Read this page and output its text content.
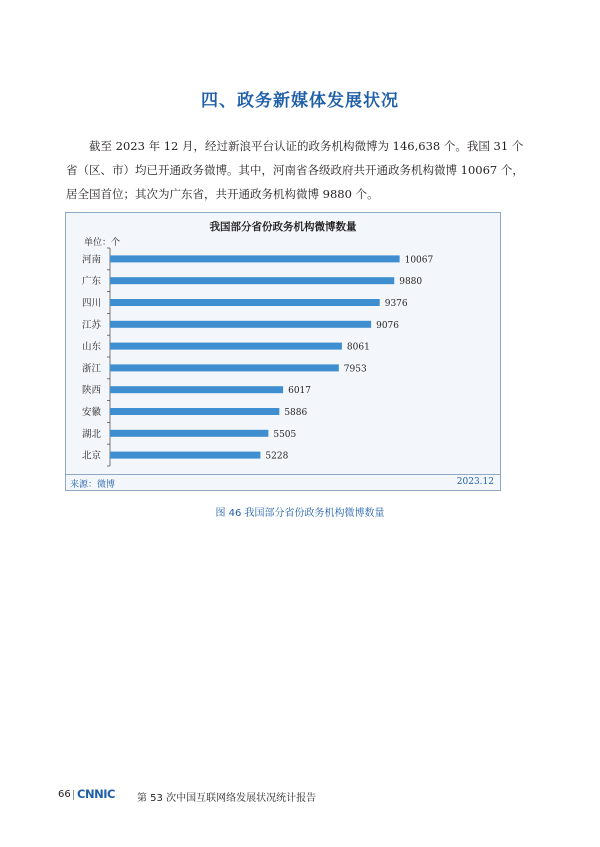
四、政务新媒体发展状况
截至 2023 年 12 月，经过新浪平台认证的政务机构微博为 146,638 个。我国 31 个
省（区、市）均已开通政务微博。其中，河南省各级政府共开通政务机构微博 10067 个，
居全国首位；其次为广东省，共开通政务机构微博 9880 个。
我国部分省份政务机构微博数量
单位：个
河南	10067
广东	9880
四川	9376
江苏	9076
山东	8061
浙江	7953
陕西	6017
安徽	5886
湖北	5505
北京	5228
来源：微博	2023.12
图 46 我国部分省份政务机构微博数量
66 CNNIC 第 53 次中国互联网络发展状况统计报告
